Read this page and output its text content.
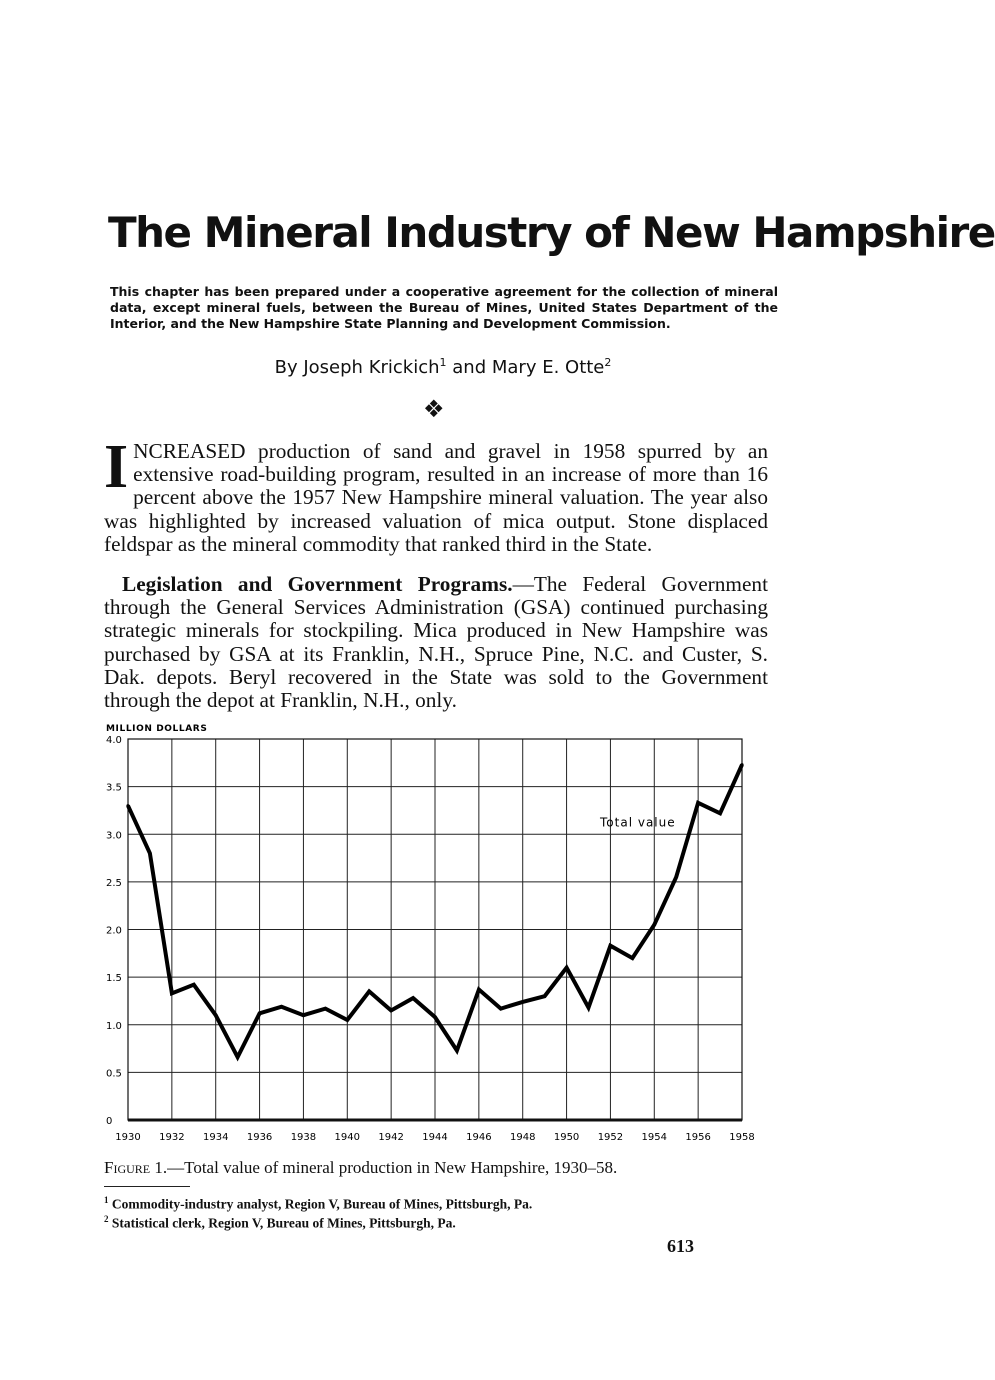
The Mineral Industry of New Hampshire
This chapter has been prepared under a cooperative agreement for the collection of mineral data, except mineral fuels, between the Bureau of Mines, United States Department of the Interior, and the New Hampshire State Planning and Development Commission.
By Joseph Krickich$^1$ and Mary E. Otte$^2$
❖
INCREASED production of sand and gravel in 1958 spurred by an extensive road-building program, resulted in an increase of more than 16 percent above the 1957 New Hampshire mineral valuation. The year also was highlighted by increased valuation of mica output. Stone displaced feldspar as the mineral commodity that ranked third in the State.
Legislation and Government Programs.—The Federal Government through the General Services Administration (GSA) continued purchasing strategic minerals for stockpiling. Mica produced in New Hampshire was purchased by GSA at its Franklin, N.H., Spruce Pine, N.C. and Custer, S. Dak. depots. Beryl recovered in the State was sold to the Government through the depot at Franklin, N.H., only.
MILLION DOLLARS
0
0.5
1.0
1.5
2.0
2.5
3.0
3.5
4.0
1930 1932 1934 1936 1938 1940 1942 1944 1946 1948 1950 1952 1954 1956 1958
Total value
Figure 1.—Total value of mineral production in New Hampshire, 1930–58.
$^1$ Commodity-industry analyst, Region V, Bureau of Mines, Pittsburgh, Pa.
$^2$ Statistical clerk, Region V, Bureau of Mines, Pittsburgh, Pa.
613
